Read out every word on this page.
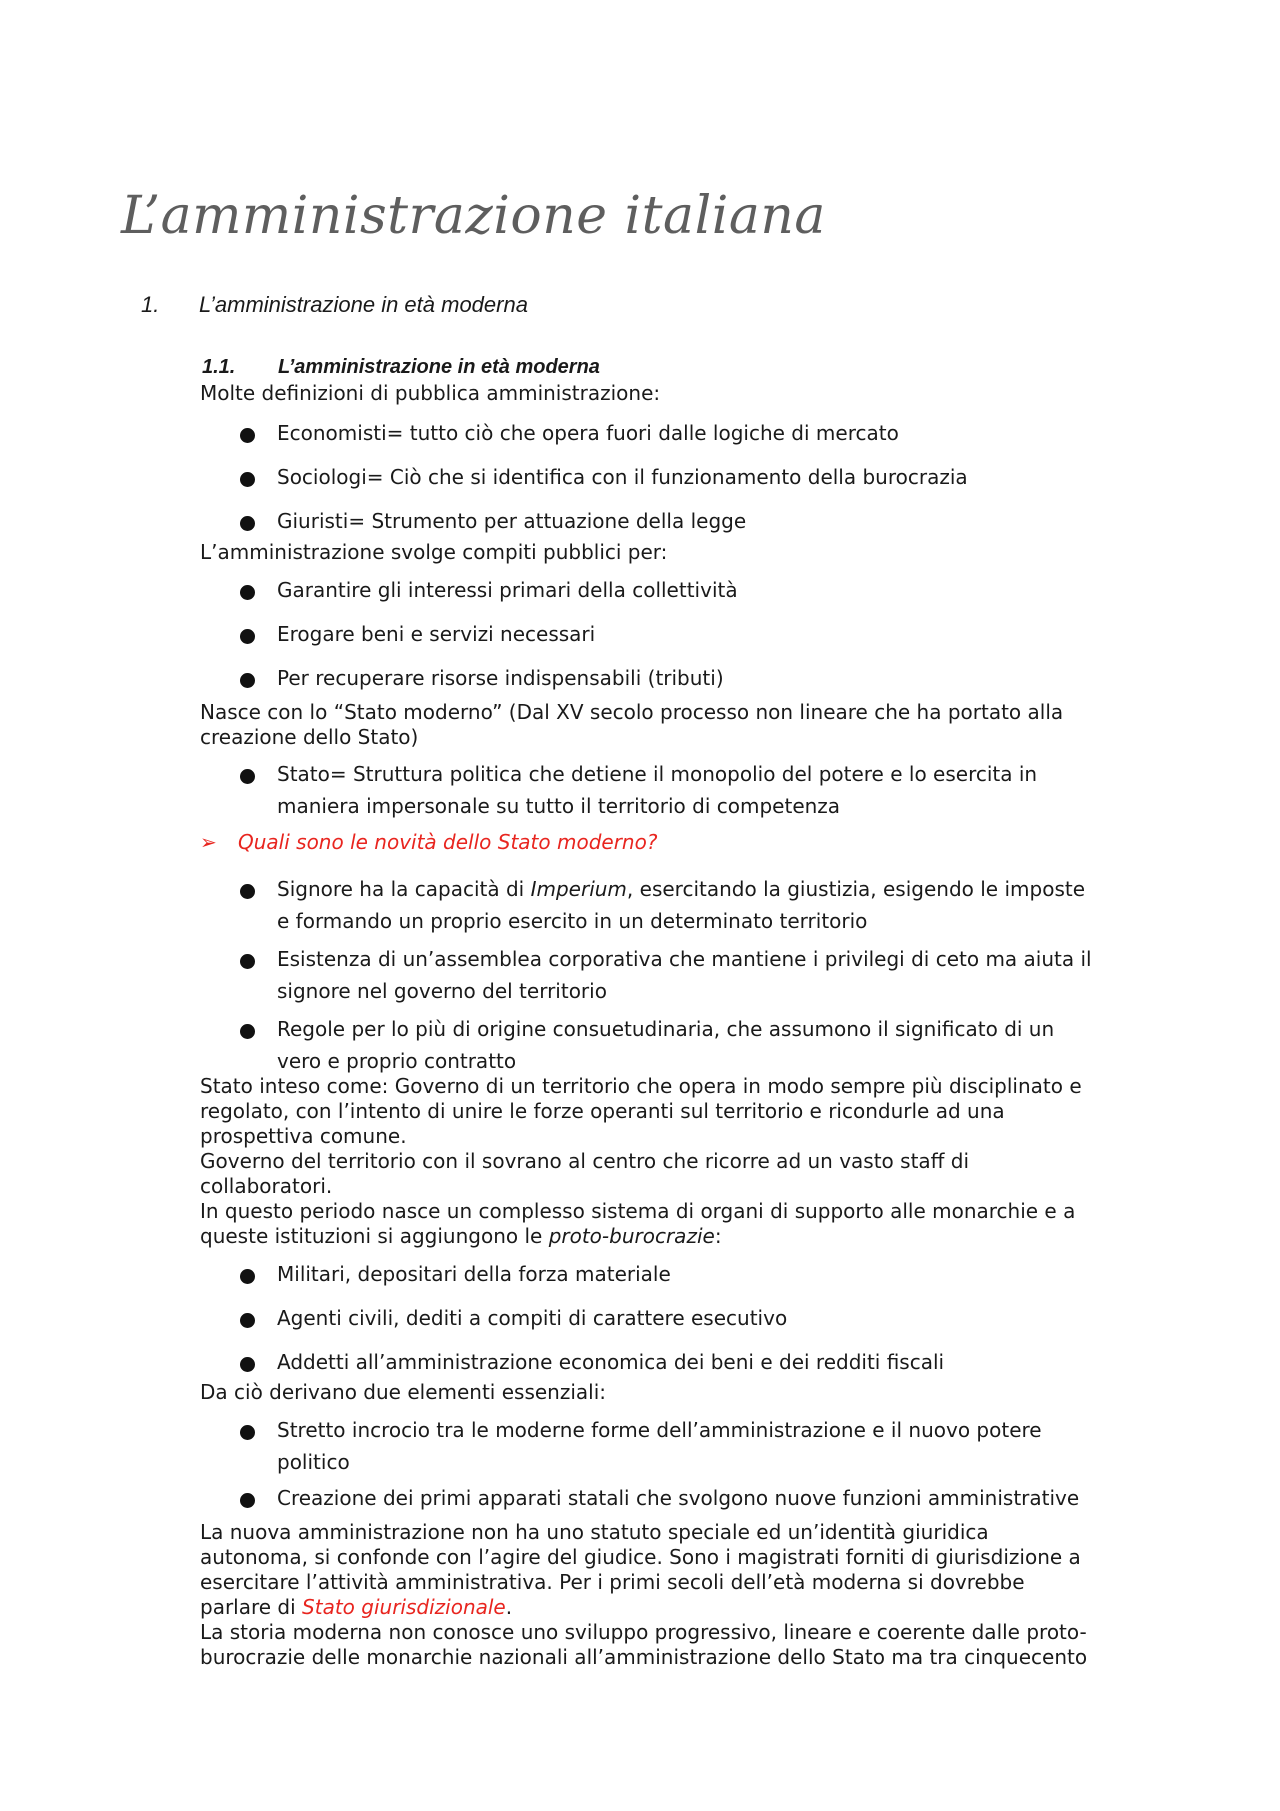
L’amministrazione italiana
1. L’amministrazione in età moderna
1.1. L’amministrazione in età moderna
Molte definizioni di pubblica amministrazione:
Economisti= tutto ciò che opera fuori dalle logiche di mercato
Sociologi= Ciò che si identifica con il funzionamento della burocrazia
Giuristi= Strumento per attuazione della legge
L’amministrazione svolge compiti pubblici per:
Garantire gli interessi primari della collettività
Erogare beni e servizi necessari
Per recuperare risorse indispensabili (tributi)
Nasce con lo “Stato moderno” (Dal XV secolo processo non lineare che ha portato alla
creazione dello Stato)
Stato= Struttura politica che detiene il monopolio del potere e lo esercita in
maniera impersonale su tutto il territorio di competenza
➢ Quali sono le novità dello Stato moderno?
Signore ha la capacità di Imperium, esercitando la giustizia, esigendo le imposte
e formando un proprio esercito in un determinato territorio
Esistenza di un’assemblea corporativa che mantiene i privilegi di ceto ma aiuta il
signore nel governo del territorio
Regole per lo più di origine consuetudinaria, che assumono il significato di un
vero e proprio contratto
Stato inteso come: Governo di un territorio che opera in modo sempre più disciplinato e
regolato, con l’intento di unire le forze operanti sul territorio e ricondurle ad una
prospettiva comune.
Governo del territorio con il sovrano al centro che ricorre ad un vasto staff di
collaboratori.
In questo periodo nasce un complesso sistema di organi di supporto alle monarchie e a
queste istituzioni si aggiungono le proto-burocrazie:
Militari, depositari della forza materiale
Agenti civili, dediti a compiti di carattere esecutivo
Addetti all’amministrazione economica dei beni e dei redditi fiscali
Da ciò derivano due elementi essenziali:
Stretto incrocio tra le moderne forme dell’amministrazione e il nuovo potere
politico
Creazione dei primi apparati statali che svolgono nuove funzioni amministrative
La nuova amministrazione non ha uno statuto speciale ed un’identità giuridica
autonoma, si confonde con l’agire del giudice. Sono i magistrati forniti di giurisdizione a
esercitare l’attività amministrativa. Per i primi secoli dell’età moderna si dovrebbe
parlare di Stato giurisdizionale.
La storia moderna non conosce uno sviluppo progressivo, lineare e coerente dalle proto-
burocrazie delle monarchie nazionali all’amministrazione dello Stato ma tra cinquecento
